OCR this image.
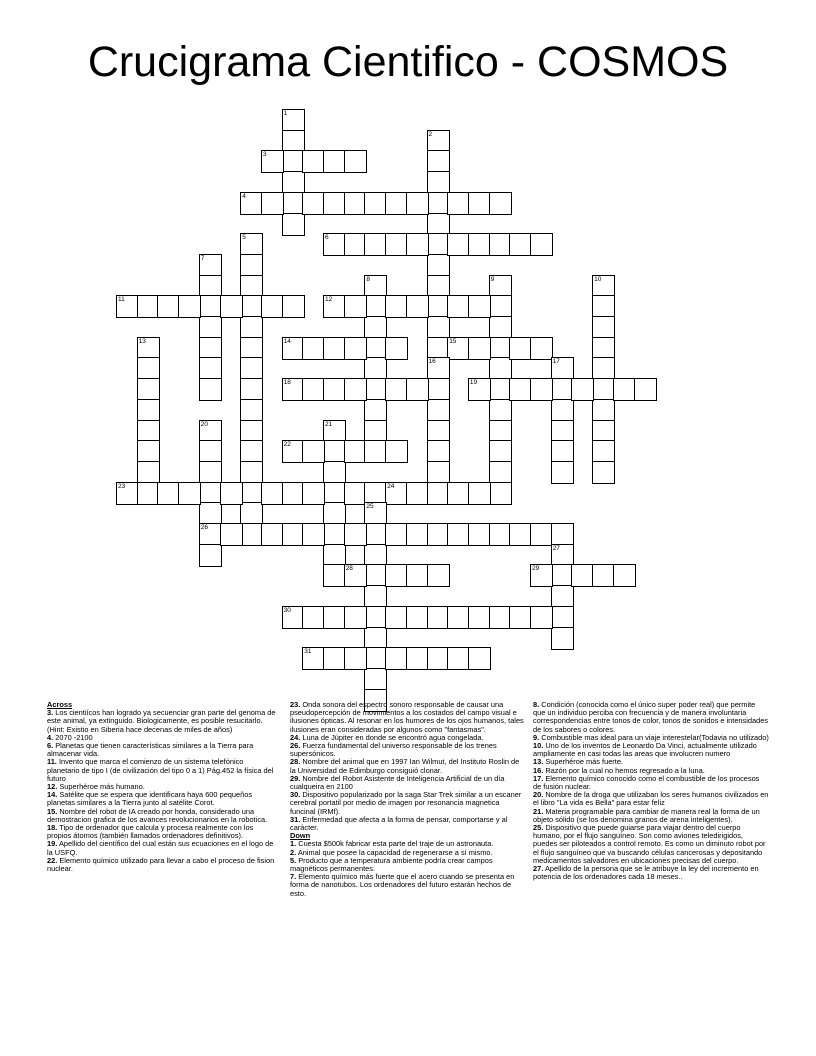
Crucigrama Cientifico - COSMOS
1
2
3
4
5	6
7
8	9	10
11	12
13	14	15
16	17
18	19
20
26
21
22
23	24
25
27
28	29
30
31
Across
3. Los cientiícos han logrado ya secuenciar gran parte del genoma de este animal, ya extinguido. Biologicamente, es posible resucitarlo.(Hint: Existio en Siberia hace decenas de miles de años)
4. 2070 -2100
6. Planetas que tienen características similares a la Tierra para almacenar vida.
11. Invento que marca el comienzo de un sistema telefónico planetario de tipo I (de civilización del tipo 0 a 1) Pág.452 la física del futuro
12. Superhéroe más humano.
14. Satélite que se espera que identificara haya 600 pequeños planetas similares a la Tierra junto al satélite Corot.
15. Nombre del robot de IA creado por honda, considerado una demostracion grafica de los avances revolucionarios en la robotica.
18. Tipo de ordenador que calcula y procesa realmente con los propios átomos (también llamados ordenadores definitivos).
19. Apellido del científico del cual están sus ecuaciones en el logo de la USFQ.
22. Elemento químico utilizado para llevar a cabo el proceso de fision nuclear.
23. Onda sonora del espectro sonoro responsable de causar una pseudopercepción de movimientos a los costados del campo visual e ilusiones ópticas. Al resonar en los humores de los ojos humanos, tales ilusiones eran consideradas por algunos como "fantasmas".
24. Luna de Júpiter en donde se encontró agua congelada.
26. Fuerza fundamental del universo responsable de los trenes supersónicos.
28. Nombre del animal que en 1997 Ian Wilmut, del Instituto Roslin de la Universidad de Edimburgo consiguió clonar.
29. Nombre del Robot Asistente de Inteligencia Artificial de un día cualqueira en 2100
30. Dispositivo popularizado por la saga Star Trek similar a un escaner cerebral portatil por medio de imagen por resonancia magnetica funcinal (IRMf).
31. Enfermedad que afecta a la forma de pensar, comportarse y al carácter.
Down
1. Cuesta $500k fabricar esta parte del traje de un astronauta.
2. Animal que posee la capacidad de regenerarse a sí mismo.
5. Producto que a temperatura ambiente podría crear campos magnéticos permanentes.
7. Elemento químico más fuerte que el acero cuando se presenta en forma de nanotubos. Los ordenadores del futuro estarán hechos de esto.
8. Condición (conocida como el único super poder real) que permite que un individuo perciba con frecuencia y de manera involuntaria correspondencias entre tonos de color, tonos de sonidos e intensidades de los sabores o colores.
9. Combustible mas ideal para un viaje interestelar(Todavia no utilizado)
10. Uno de los inventos de Leonardo Da Vinci, actualmente utilizado ampliamente en casi todas las areas que involucren numero
13. Superhéroe más fuerte.
16. Razón por la cual no hemos regresado a la luna.
17. Elemento químico conocido como el combustible de los procesos de fusión nuclear.
20. Nombre de la droga que utilizaban los seres humanos civilizados en el libro "La vida es Bella" para estar feliz
21. Materia programable para cambiar de manera real la forma de un objeto sólido (se los denomina granos de arena inteligentes).
25. Dispositivo que puede guiarse para viajar dentro del cuerpo humano, por el flujo sanguíneo. Son como aviones teledirigidos, puedes ser piloteados a control remoto. Es como un diminuto robot por el flujo sanguíneo que va buscando células cancerosas y depositando medicamentos salvadores en ubicaciones precisas del cuerpo.
27. Apellido de la persona que se le atribuye la ley del incremento en potencia de los ordenadores cada 18 meses..
